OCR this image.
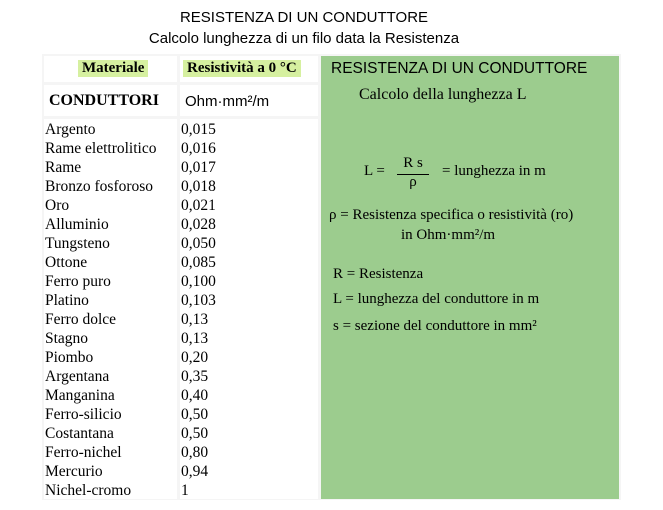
RESISTENZA DI UN CONDUTTORE
Calcolo lunghezza di un filo data la Resistenza
Materiale	Resistività a 0 °C
CONDUTTORI Ohm·mm²/m
Argento
Rame elettrolitico
Rame
Bronzo fosforoso
Oro
Alluminio
Tungsteno
Ottone
Ferro puro
Platino
Ferro dolce
Stagno
Piombo
Argentana
Manganina
Ferro-silicio
Costantana
Ferro-nichel
Mercurio
Nichel-cromo
0,015
0,016
0,017
0,018
0,021
0,028
0,050
0,085
0,100
0,103
0,13
0,13
0,20
0,35
0,40
0,50
0,50
0,80
0,94
1
RESISTENZA DI UN CONDUTTORE
Calcolo della lunghezza L
L =	R s
ρ
= lunghezza in m
ρ = Resistenza specifica o resistività (ro)
in Ohm·mm²/m
R = Resistenza
L = lunghezza del conduttore in m
s = sezione del conduttore in mm²
